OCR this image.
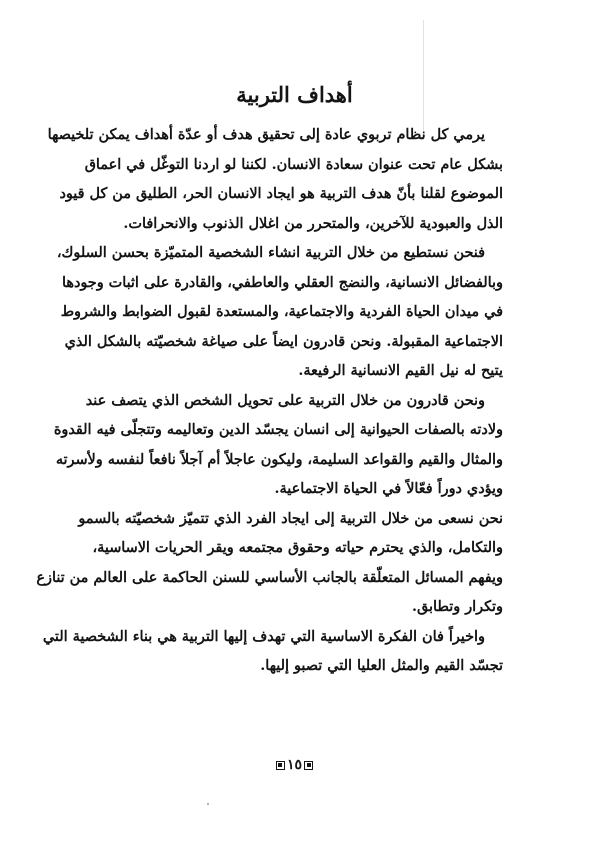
أهداف التربية

يرمي كل نظام تربوي عادة إلى تحقيق هدف أو عدّة أهداف يمكن تلخيصها
بشكل عام تحت عنوان سعادة الانسان. لكننا لو اردنا التوغّل في اعماق
الموضوع لقلنا بأنّ هدف التربية هو ايجاد الانسان الحر، الطليق من كل قيود
الذل والعبودية للآخرين، والمتحرر من اغلال الذنوب والانحرافات.

فنحن نستطيع من خلال التربية انشاء الشخصية المتميّزة بحسن السلوك،
وبالفضائل الانسانية، والنضج العقلي والعاطفي، والقادرة على اثبات وجودها
في ميدان الحياة الفردية والاجتماعية، والمستعدة لقبول الضوابط والشروط
الاجتماعية المقبولة. ونحن قادرون ايضاً على صياغة شخصيّته بالشكل الذي
يتيح له نيل القيم الانسانية الرفيعة.

ونحن قادرون من خلال التربية على تحويل الشخص الذي يتصف عند
ولادته بالصفات الحيوانية إلى انسان يجسّد الدين وتعاليمه وتتجلّى فيه القدوة
والمثال والقيم والقواعد السليمة، وليكون عاجلاً أم آجلاً نافعاً لنفسه ولأسرته
ويؤدي دوراً فعّالاً في الحياة الاجتماعية.

نحن نسعى من خلال التربية إلى ايجاد الفرد الذي تتميّز شخصيّته بالسمو
والتكامل، والذي يحترم حياته وحقوق مجتمعه ويقر الحريات الاساسية،
ويفهم المسائل المتعلّقة بالجانب الأساسي للسنن الحاكمة على العالم من تنازع
وتكرار وتطابق.

واخيراً فان الفكرة الاساسية التي تهدف إليها التربية هي بناء الشخصية التي
تجسّد القيم والمثل العليا التي تصبو إليها.

١٥
